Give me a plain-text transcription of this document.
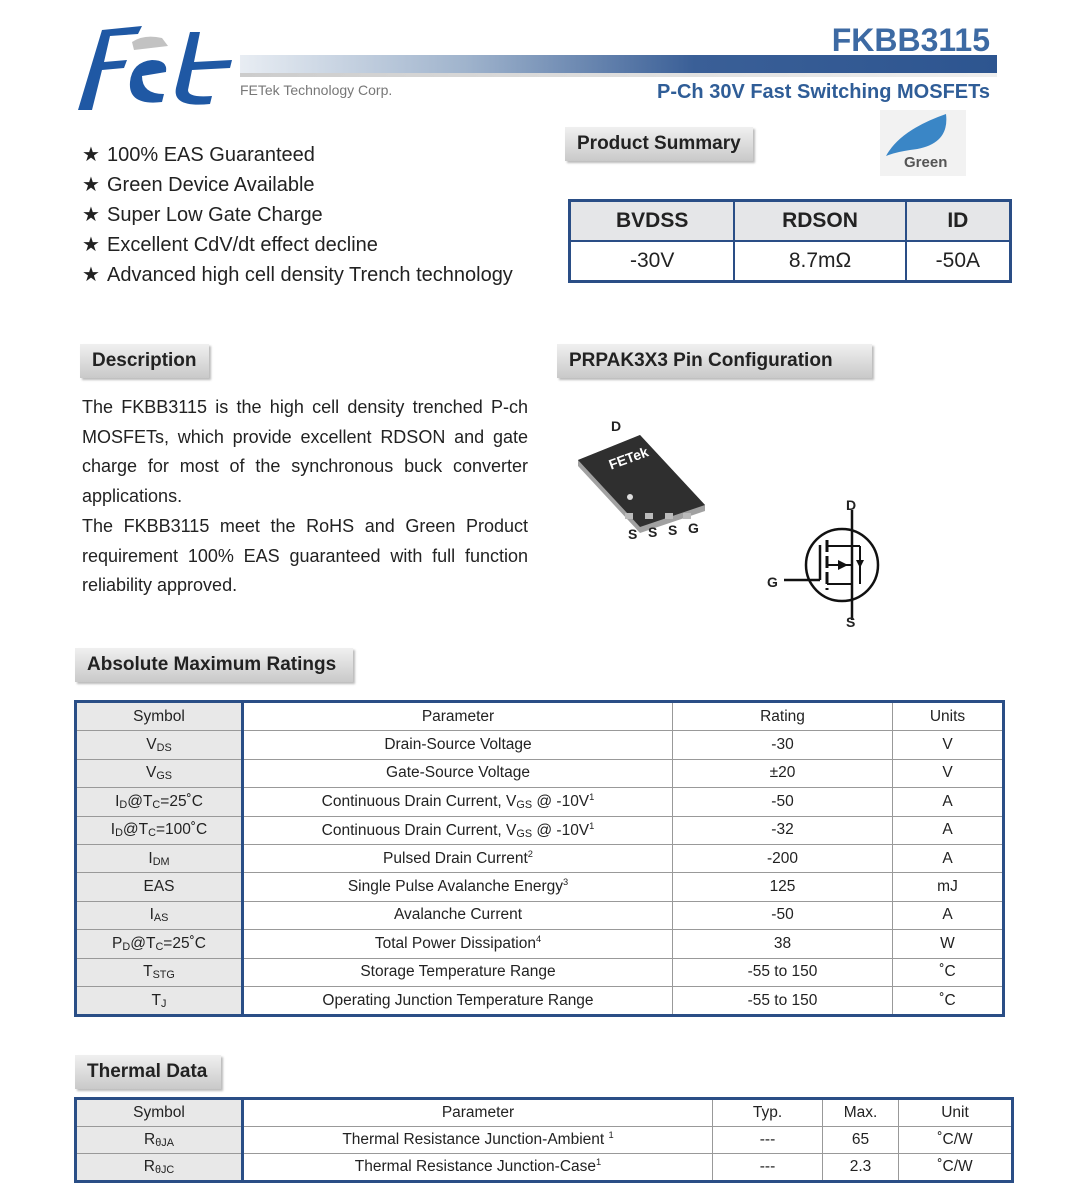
FKBB3115
FETek Technology Corp.	P-Ch 30V Fast Switching MOSFETs
★ 100% EAS Guaranteed
★ Green Device Available
★ Super Low Gate Charge
★ Excellent CdV/dt effect decline
★ Advanced high cell density Trench technology
Product Summary
Green
BVDSS	RDSON	ID
-30V	8.7mΩ	-50A
Description
The FKBB3115 is the high cell density trenched P-ch MOSFETs, which provide excellent RDSON and gate charge for most of the synchronous buck converter applications.
The FKBB3115 meet the RoHS and Green Product requirement 100% EAS guaranteed with full function reliability approved.
PRPAK3X3 Pin Configuration
FETek
D
S S S G
D
G
S
Absolute Maximum Ratings
Symbol	Parameter	Rating	Units
$V_{DS}$	Drain-Source Voltage	-30	V
$V_{GS}$	Gate-Source Voltage	±20	V
$I_D@T_C=25˚C$	Continuous Drain Current, $V_{GS}$ @ $-10V^1$	-50	A
$I_D@T_C=100˚C$	Continuous Drain Current, $V_{GS}$ @ $-10V^1$	-32	A
$I_{DM}$	Pulsed Drain Current$^2$	-200	A
EAS	Single Pulse Avalanche Energy$^3$	125	mJ
$I_{AS}$	Avalanche Current	-50	A
$P_D@T_C=25˚C$	Total Power Dissipation$^4$	38	W
$T_{STG}$	Storage Temperature Range	-55 to 150	˚C
$T_J$	Operating Junction Temperature Range	-55 to 150	˚C
Thermal Data
Symbol	Parameter	Typ.	Max.	Unit
$R_{\theta JA}$	Thermal Resistance Junction-Ambient $^1$	---	65	˚C/W
$R_{\theta JC}$	Thermal Resistance Junction-Case$^1$	---	2.3	˚C/W
